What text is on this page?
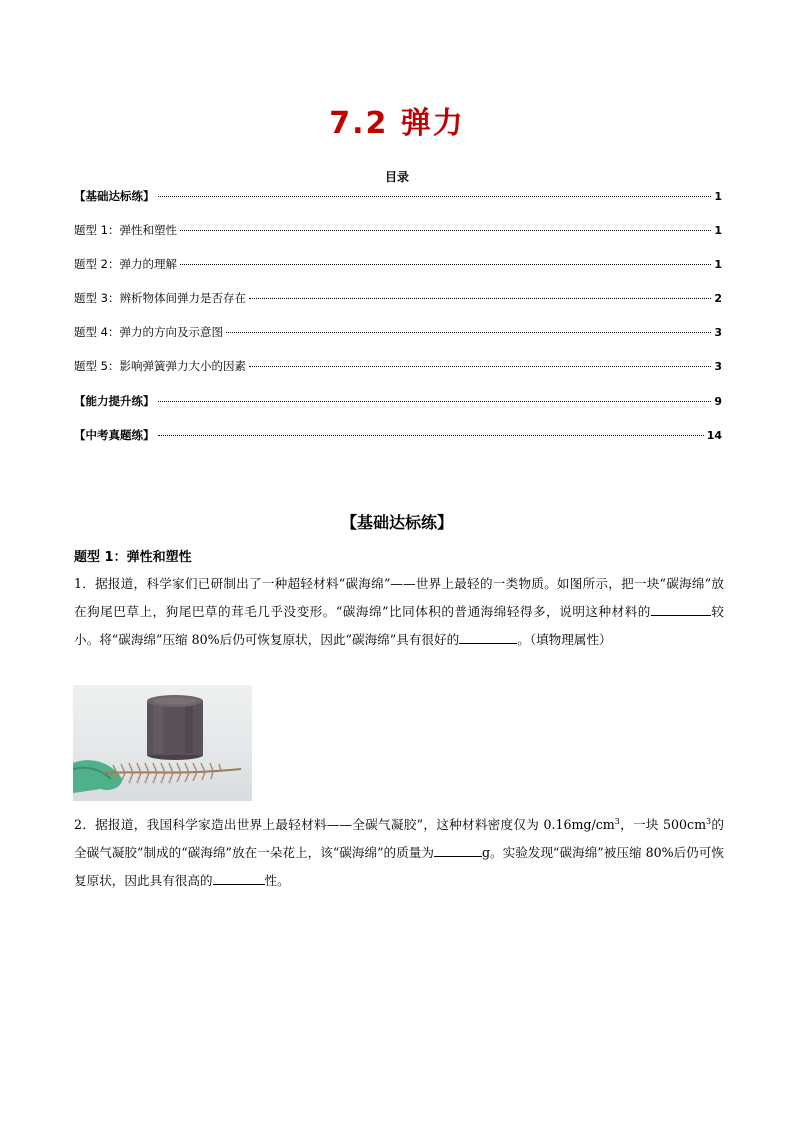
7.2 弹力
目录
【基础达标练】	1
题型 1：弹性和塑性	1
题型 2：弹力的理解	1
题型 3：辨析物体间弹力是否存在	2
题型 4：弹力的方向及示意图	3
题型 5：影响弹簧弹力大小的因素	3
【能力提升练】	9
【中考真题练】	14
【基础达标练】
题型 1：弹性和塑性
1．据报道，科学家们已研制出了一种超轻材料“碳海绵”——世界上最轻的一类物质。如图所示，把一块“碳海绵”放在狗尾巴草上，狗尾巴草的茸毛几乎没变形。“碳海绵”比同体积的普通海绵轻得多，说明这种材料的	较小。将“碳海绵”压缩 80%后仍可恢复原状，因此“碳海绵”具有很好的	。（填物理属性）
2．据报道，我国科学家造出世界上最轻材料——全碳气凝胶”，这种材料密度仅为 $0.16mg/cm^3$，一块 $500cm^3$的全碳气凝胶”制成的“碳海绵”放在一朵花上，该“碳海绵”的质量为	g。实验发现“碳海绵”被压缩 80%后仍可恢复原状，因此具有很高的	性。
